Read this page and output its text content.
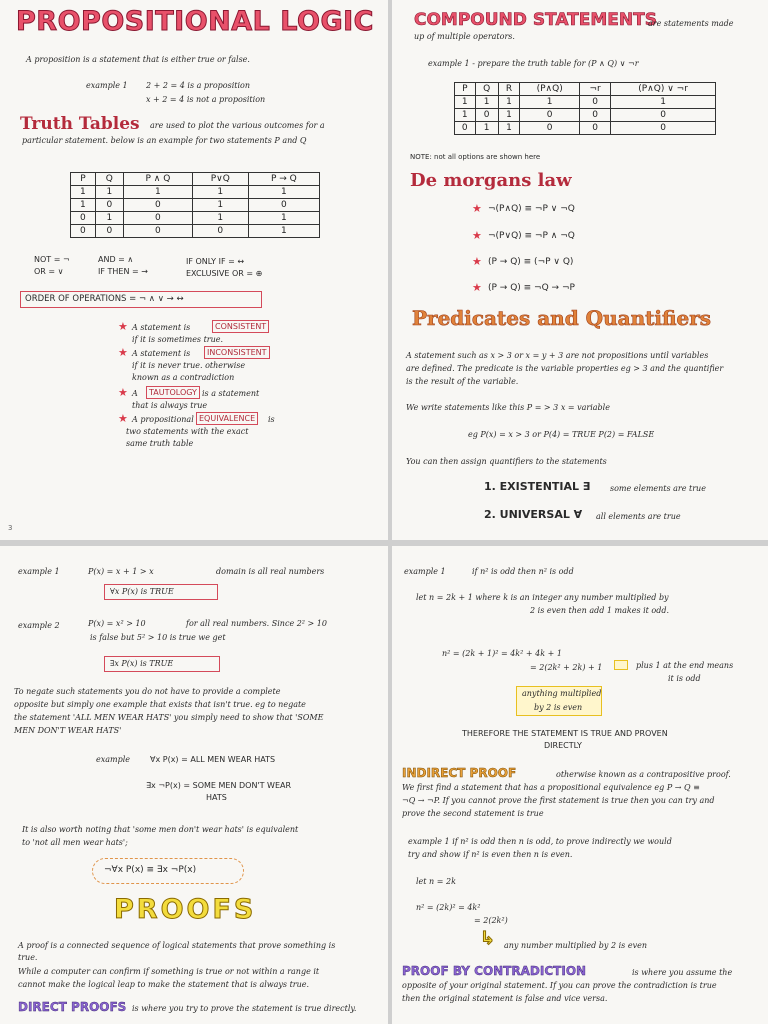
PROPOSITIONAL LOGIC
A proposition is a statement that is either true or false.
example 1 2 + 2 = 4 is a proposition
x + 2 = 4 is not a proposition
Truth Tables are used to plot the various outcomes for a
particular statement. below is an example for two statements P and Q
P	Q	P ∧ Q	P∨Q	P → Q
1	1	1	1	1
1	0	0	1	0
0	1	0	1	1
0	0	0	0	1
NOT = ¬
OR = ∨
AND = ∧
IF THEN = →
IF ONLY IF = ↔
EXCLUSIVE OR = ⊕
ORDER OF OPERATIONS = ¬ ∧ ∨ → ↔
★ A statement is	CONSISTENT
if it is sometimes true.
★ A statement is	INCONSISTENT
if it is never true. otherwise
known as a contradiction
★ A	TAUTOLOGY is a statement
that is always true
★ A propositional EQUIVALENCE	is
two statements with the exact
same truth table
3
COMPOUND STATEMENTS
are statements made
up of multiple operators.
example 1 - prepare the truth table for (P ∧ Q) ∨ ¬r
P	Q	R	(P∧Q)	¬r	(P∧Q) ∨ ¬r
1	1	1	1	0	1
1	0	1	0	0	0
0	1	1	0	0	0
NOTE: not all options are shown here
De morgans law
★ ¬(P∧Q) ≡ ¬P ∨ ¬Q
★ ¬(P∨Q) ≡ ¬P ∧ ¬Q
★ (P → Q) ≡ (¬P ∨ Q)
★ (P → Q) ≡ ¬Q → ¬P
Predicates and Quantifiers
A statement such as x > 3 or x = y + 3 are not propositions until variables
are defined. The predicate is the variable properties eg > 3 and the quantifier
is the result of the variable.
We write statements like this P = > 3 x = variable
eg P(x) = x > 3 or P(4) = TRUE P(2) = FALSE
You can then assign quantifiers to the statements
1. EXISTENTIAL ∃ some elements are true
2. UNIVERSAL ∀ all elements are true
example 1	P(x) = x + 1 > x	domain is all real numbers
∀x P(x) is TRUE
example 2	P(x) = x² > 10	for all real numbers. Since 2² > 10
is false but 5² > 10 is true we get
∃x P(x) is TRUE
To negate such statements you do not have to provide a complete
opposite but simply one example that exists that isn't true. eg to negate
the statement 'ALL MEN WEAR HATS' you simply need to show that 'SOME
MEN DON'T WEAR HATS'
example ∀x P(x) = ALL MEN WEAR HATS
∃x ¬P(x) = SOME MEN DON'T WEAR
HATS
It is also worth noting that 'some men don't wear hats' is equivalent
to 'not all men wear hats';
¬∀x P(x) ≡ ∃x ¬P(x)
PROOFS
A proof is a connected sequence of logical statements that prove something is
true.
While a computer can confirm if something is true or not within a range it
cannot make the logical leap to make the statement that is always true.
DIRECT PROOFS is where you try to prove the statement is true directly.
example 1	if n² is odd then n² is odd
let n = 2k + 1 where k is an integer any number multiplied by
2 is even then add 1 makes it odd.
n² = (2k + 1)² = 4k² + 4k + 1
= 2(2k² + 2k) + 1	plus 1 at the end means
it is odd
anything multiplied
by 2 is even
THEREFORE THE STATEMENT IS TRUE AND PROVEN
DIRECTLY
INDIRECT PROOF	otherwise known as a contrapositive proof.
We first find a statement that has a propositional equivalence eg P → Q ≡
¬Q → ¬P. If you cannot prove the first statement is true then you can try and
prove the second statement is true
example 1 if n² is odd then n is odd, to prove indirectly we would
try and show if n² is even then n is even.
let n = 2k
n² = (2k)² = 4k²
= 2(2k²)
↳ any number multiplied by 2 is even
PROOF BY CONTRADICTION	is where you assume the
opposite of your original statement. If you can prove the contradiction is true
then the original statement is false and vice versa.
